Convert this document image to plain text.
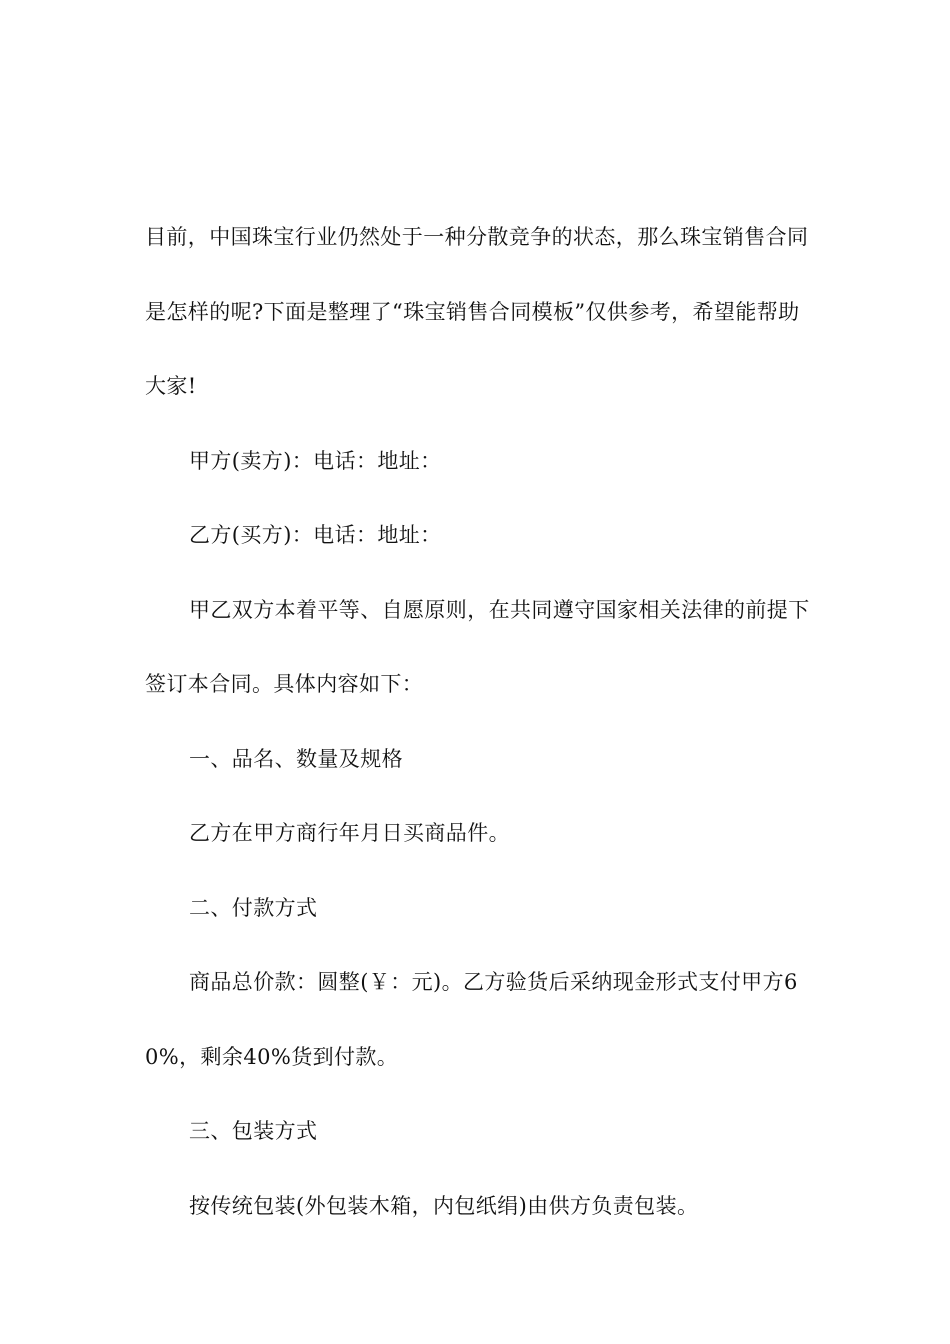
目前，中国珠宝行业仍然处于一种分散竞争的状态，那么珠宝销售合同是怎样的呢?下面是整理了“珠宝销售合同模板”仅供参考，希望能帮助大家!

甲方(卖方)：电话：地址：

乙方(买方)：电话：地址：

甲乙双方本着平等、自愿原则，在共同遵守国家相关法律的前提下签订本合同。具体内容如下：

一、品名、数量及规格

乙方在甲方商行年月日买商品件。

二、付款方式

商品总价款：圆整(￥：元)。乙方验货后采纳现金形式支付甲方60%，剩余40%货到付款。

三、包装方式

按传统包装(外包装木箱，内包纸绢)由供方负责包装。
